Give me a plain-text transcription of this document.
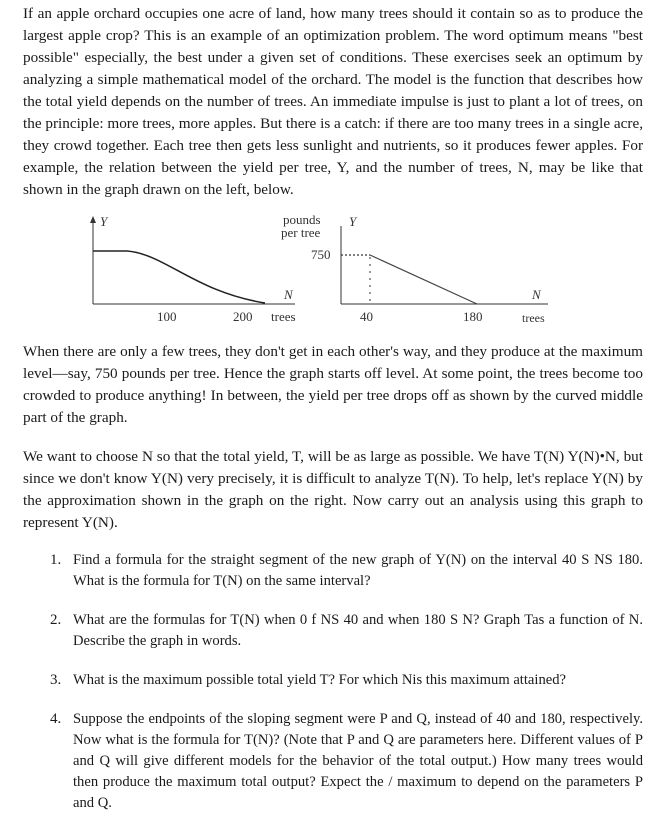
If an apple orchard occupies one acre of land, how many trees should it contain so as to produce the largest apple crop? This is an example of an optimization problem. The word optimum means "best possible" especially, the best under a given set of conditions. These exercises seek an optimum by analyzing a simple mathematical model of the orchard. The model is the function that describes how the total yield depends on the number of trees. An immediate impulse is just to plant a lot of trees, on the principle: more trees, more apples. But there is a catch: if there are too many trees in a single acre, they crowd together. Each tree then gets less sunlight and nutrients, so it produces fewer apples. For example, the relation between the yield per tree, Y, and the number of trees, N, may be like that shown in the graph drawn on the left, below.

Y
N
100	200 trees
pounds Y
per tree
750
N
40	180	trees

When there are only a few trees, they don't get in each other's way, and they produce at the maximum level—say, 750 pounds per tree. Hence the graph starts off level. At some point, the trees become too crowded to produce anything! In between, the yield per tree drops off as shown by the curved middle part of the graph.

We want to choose N so that the total yield, T, will be as large as possible. We have T(N) Y(N)•N, but since we don't know Y(N) very precisely, it is difficult to analyze T(N). To help, let's replace Y(N) by the approximation shown in the graph on the right. Now carry out an analysis using this graph to represent Y(N).

1. Find a formula for the straight segment of the new graph of Y(N) on the interval 40 S NS 180. What is the formula for T(N) on the same interval?
2. What are the formulas for T(N) when 0 f NS 40 and when 180 S N? Graph Tas a function of N. Describe the graph in words.
3. What is the maximum possible total yield T? For which Nis this maximum attained?
4. Suppose the endpoints of the sloping segment were P and Q, instead of 40 and 180, respectively. Now what is the formula for T(N)? (Note that P and Q are parameters here. Different values of P and Q will give different models for the behavior of the total output.) How many trees would then produce the maximum total output? Expect the / maximum to depend on the parameters P and Q.
